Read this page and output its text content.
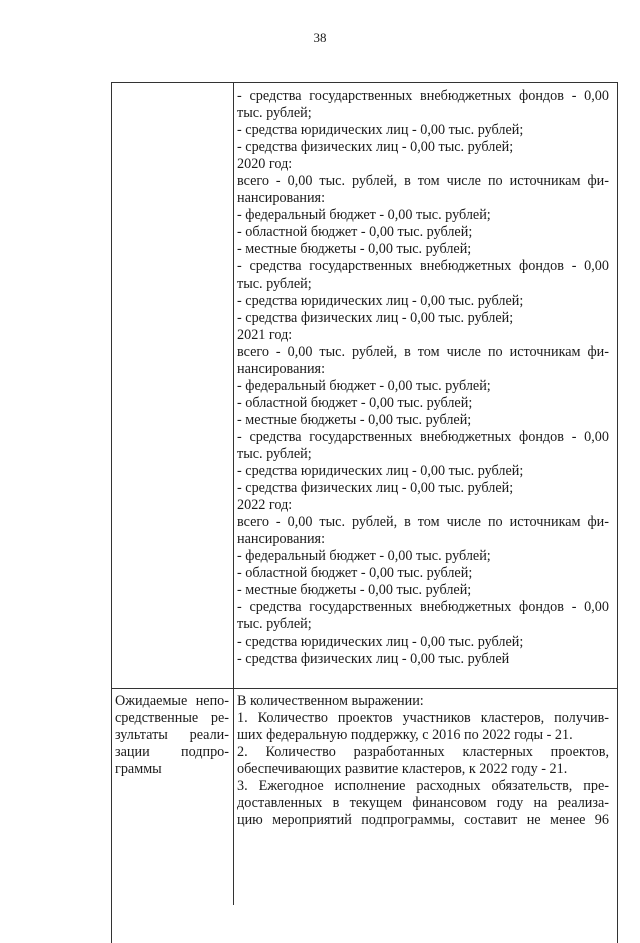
38
- средства государственных внебюджетных фондов - 0,00
тыс. рублей;
- средства юридических лиц - 0,00 тыс. рублей;
- средства физических лиц - 0,00 тыс. рублей;
2020 год:
всего - 0,00 тыс. рублей, в том числе по источникам фи-
нансирования:
- федеральный бюджет - 0,00 тыс. рублей;
- областной бюджет - 0,00 тыс. рублей;
- местные бюджеты - 0,00 тыс. рублей;
- средства государственных внебюджетных фондов - 0,00
тыс. рублей;
- средства юридических лиц - 0,00 тыс. рублей;
- средства физических лиц - 0,00 тыс. рублей;
2021 год:
всего - 0,00 тыс. рублей, в том числе по источникам фи-
нансирования:
- федеральный бюджет - 0,00 тыс. рублей;
- областной бюджет - 0,00 тыс. рублей;
- местные бюджеты - 0,00 тыс. рублей;
- средства государственных внебюджетных фондов - 0,00
тыс. рублей;
- средства юридических лиц - 0,00 тыс. рублей;
- средства физических лиц - 0,00 тыс. рублей;
2022 год:
всего - 0,00 тыс. рублей, в том числе по источникам фи-
нансирования:
- федеральный бюджет - 0,00 тыс. рублей;
- областной бюджет - 0,00 тыс. рублей;
- местные бюджеты - 0,00 тыс. рублей;
- средства государственных внебюджетных фондов - 0,00
тыс. рублей;
- средства юридических лиц - 0,00 тыс. рублей;
- средства физических лиц - 0,00 тыс. рублей
Ожидаемые непо-
средственные ре-
зультаты реали-
зации подпро-
граммы
В количественном выражении:
1. Количество проектов участников кластеров, получив-
ших федеральную поддержку, с 2016 по 2022 годы - 21.
2. Количество разработанных кластерных проектов,
обеспечивающих развитие кластеров, к 2022 году - 21.
3. Ежегодное исполнение расходных обязательств, пре-
доставленных в текущем финансовом году на реализа-
цию мероприятий подпрограммы, составит не менее 96
